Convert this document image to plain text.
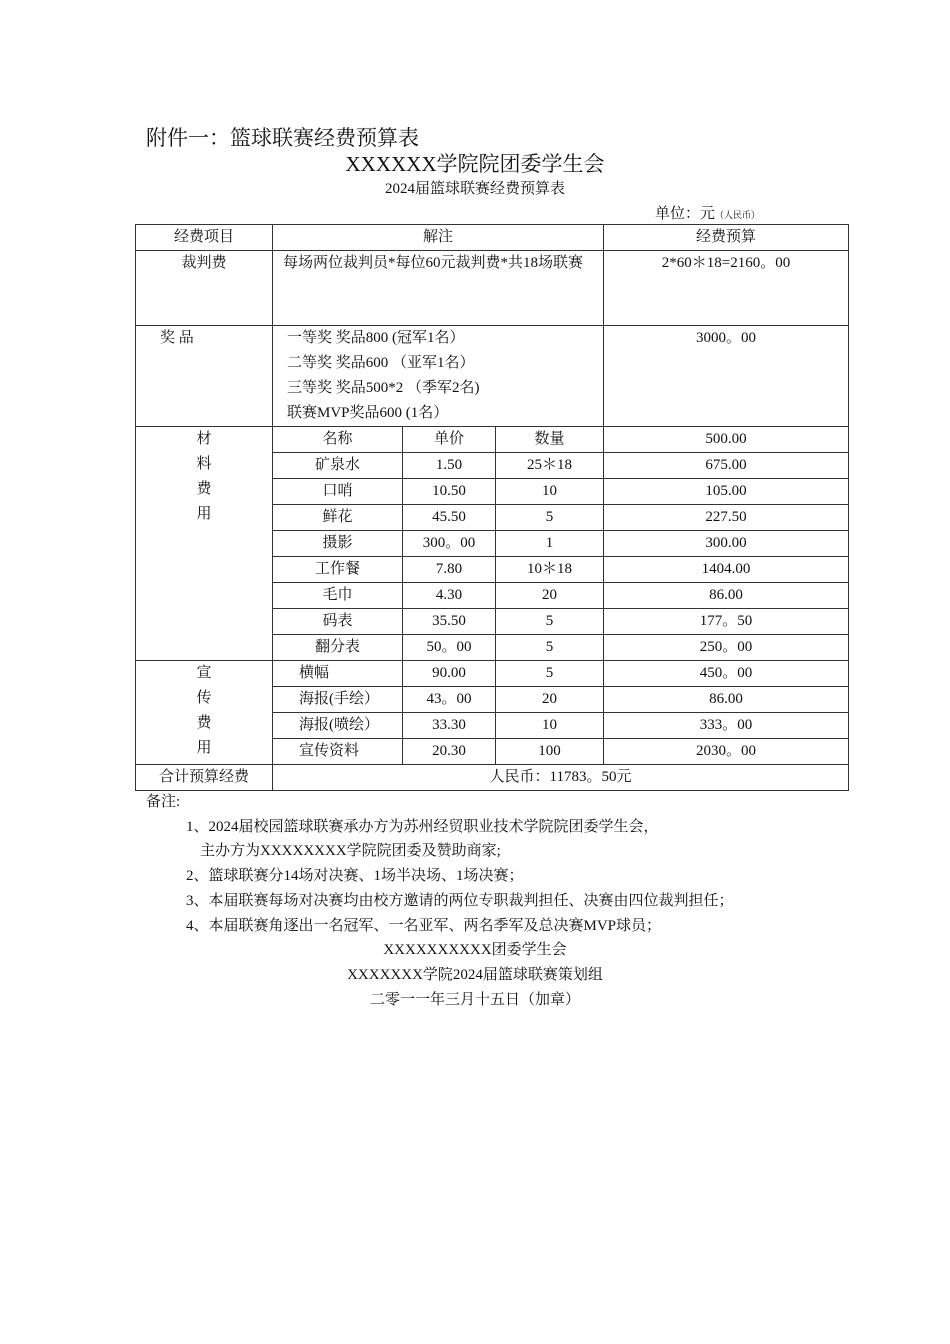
附件一：篮球联赛经费预算表
XXXXXX学院院团委学生会
2024届篮球联赛经费预算表
单位：元（人民币）
经费项目	解注			经费预算
裁判费	每场两位裁判员*每位60元裁判费*共18场联赛			2*60＊18=2160。00
奖 品	一等奖 奖品800 (冠军1名）
二等奖 奖品600 （亚军1名）
三等奖 奖品500*2 （季军2名)
联赛MVP奖品600 (1名）			3000。00

材
料
费
用	名称	单价	数量	500.00
	矿泉水	1.50	25＊18	675.00
	口哨	10.50	10	105.00
	鲜花	45.50	5	227.50
	摄影	300。00	1	300.00
	工作餐	7.80	10＊18	1404.00
	毛巾	4.30	20	86.00
	码表	35.50	5	177。50
	翻分表	50。00	5	250。00

宣
传
费
用	横幅	90.00	5	450。00
	海报(手绘）	43。00	20	86.00
	海报(喷绘）	33.30	10	333。00
	宣传资料	20.30	100	2030。00
合计预算经费	人民币：11783。50元			
备注:
1、2024届校园篮球联赛承办方为苏州经贸职业技术学院院团委学生会，
主办方为XXXXXXXX学院院团委及赞助商家;
2、篮球联赛分14场对决赛、1场半决场、1场决赛；
3、本届联赛每场对决赛均由校方邀请的两位专职裁判担任、决赛由四位裁判担任；
4、本届联赛角逐出一名冠军、一名亚军、两名季军及总决赛MVP球员；
XXXXXXXXXX团委学生会
XXXXXXX学院2024届篮球联赛策划组
二零一一年三月十五日（加章）
